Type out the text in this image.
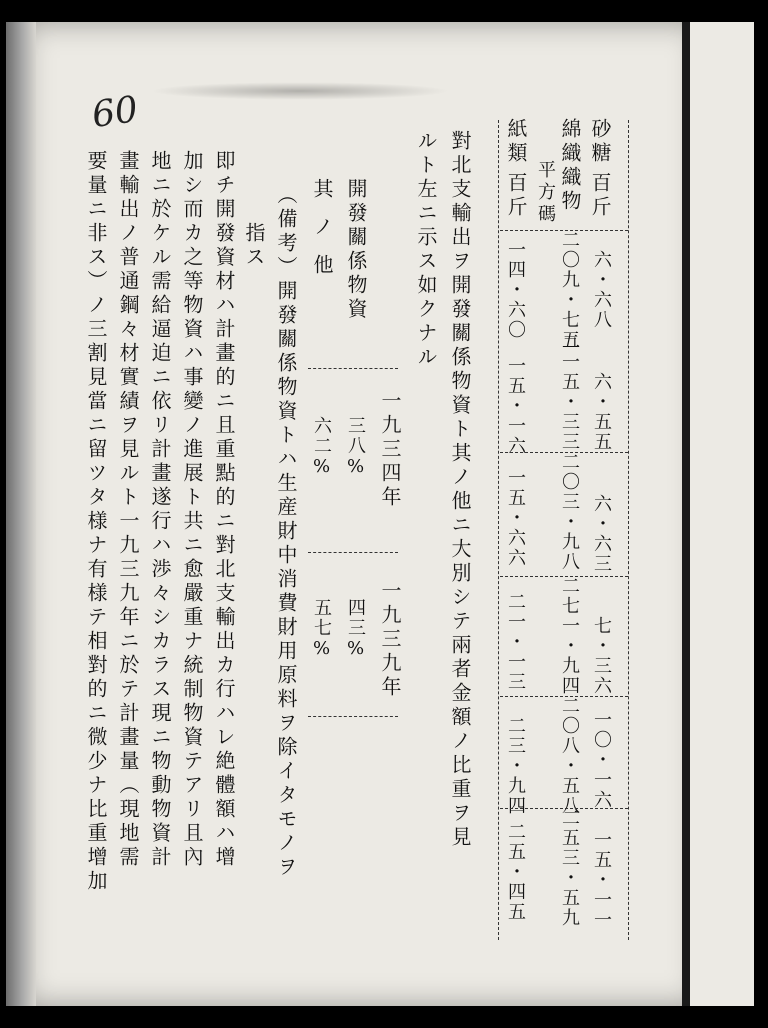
60
砂糖
百斤
六・六八
六・五五
六・六三
七・三六
一〇・一六
一五・一一
綿織織物
平方碼
二〇九・七五
二一五・三三
二〇三・九八
二七一・九四
二〇八・五八
二五三・五九
紙類
百斤
一四・六〇
一五・一六
一五・六六
二一・一三
二三・九四
二五・四五
對北支輸出ヲ開發關係物資ト其ノ他ニ大別シテ兩者金額ノ比重ヲ見
ルト左ニ示ス如クナル
一九三四年
一九三九年
開發關係物資
三八%
四三%
其ノ他
六二%
五七%
（備考）開發關係物資トハ生産財中消費財用原料ヲ除イタモノヲ
指ス
即チ開發資材ハ計畫的ニ且重點的ニ對北支輸出カ行ハレ絶體額ハ增
加シ而カ之等物資ハ事變ノ進展ト共ニ愈嚴重ナ統制物資テアリ且內
地ニ於ケル需給逼迫ニ依リ計畫遂行ハ渉々シカラス現ニ物動物資計
畫輸出ノ普通鋼々材實績ヲ見ルト一九三九年ニ於テ計畫量（現地需
要量ニ非ス）ノ三割見當ニ留ツタ様ナ有様テ相對的ニ微少ナ比重增加
